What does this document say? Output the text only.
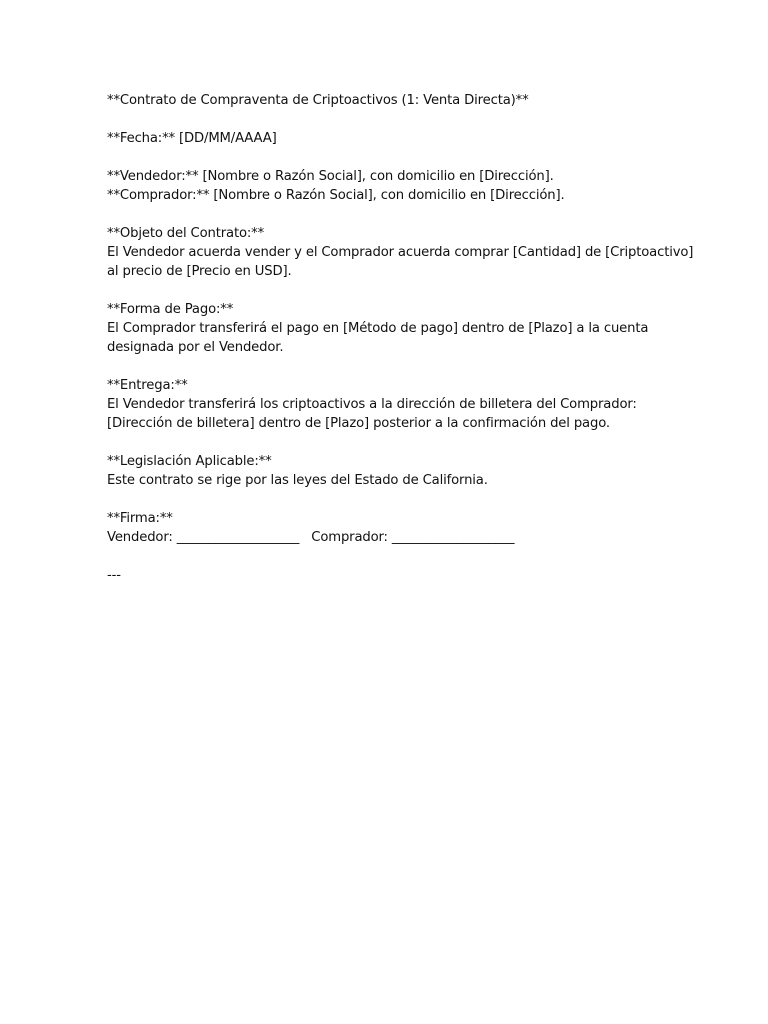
**Contrato de Compraventa de Criptoactivos (1: Venta Directa)**
**Fecha:** [DD/MM/AAAA]
**Vendedor:** [Nombre o Razón Social], con domicilio en [Dirección].
**Comprador:** [Nombre o Razón Social], con domicilio en [Dirección].
**Objeto del Contrato:**
El Vendedor acuerda vender y el Comprador acuerda comprar [Cantidad] de [Criptoactivo]
al precio de [Precio en USD].
**Forma de Pago:**
El Comprador transferirá el pago en [Método de pago] dentro de [Plazo] a la cuenta
designada por el Vendedor.
**Entrega:**
El Vendedor transferirá los criptoactivos a la dirección de billetera del Comprador:
[Dirección de billetera] dentro de [Plazo] posterior a la confirmación del pago.
**Legislación Aplicable:**
Este contrato se rige por las leyes del Estado de California.
**Firma:**
Vendedor: ___________________   Comprador: ___________________
---
